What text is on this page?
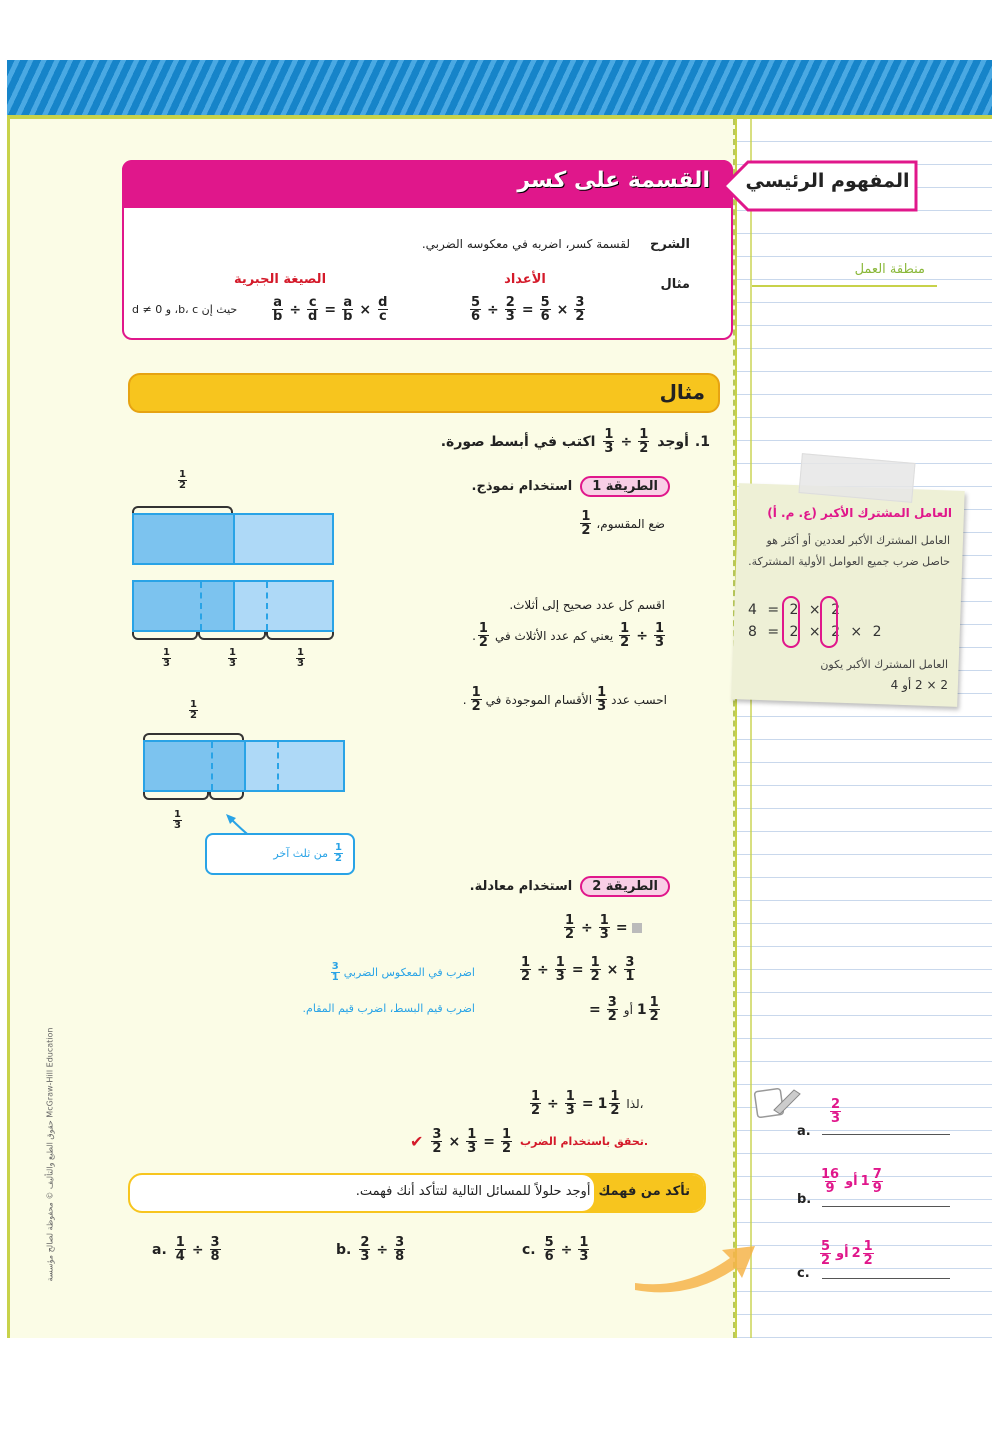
القسمة على كسر المفهوم الرئيسي
الشرح
لقسمة كسر، اضربه في معكوسه الضربي.
مثال
الأعداد
الصيغة الجبرية
$\frac{5}{6} \div \frac{2}{3} = \frac{5}{6} \times \frac{3}{2}$
$\frac{a}{b} \div \frac{c}{d} = \frac{a}{b} \times \frac{d}{c}$
حيث إن b، c، و d ≠ 0
مثال
1.
أوجد
$\frac{1}{2}$
÷
$\frac{1}{3}$
اكتب في أبسط صورة.
الطريقة 1
استخدام نموذج.
ضع المقسوم،
$\frac{1}{2}$
اقسم كل عدد صحيح إلى أثلاث.
$\frac{1}{3}$
÷
$\frac{1}{2}$
يعني كم عدد الأثلاث في
$\frac{1}{2}$
.
احسب عدد
$\frac{1}{3}$
الأقسام الموجودة في
$\frac{1}{2}$
.
$\frac{1}{2}$
$\frac{1}{3}$	$\frac{1}{3}$	$\frac{1}{3}$
$\frac{1}{2}$
$\frac{1}{3}$
$\frac{1}{2}$
من ثلث آخر
الطريقة 2
استخدام معادلة.
$\frac{1}{2} \div \frac{1}{3}$ =
$\frac{1}{2} \div \frac{1}{3} = \frac{1}{2} \times \frac{3}{1}$
= $\frac{3}{2}$ أو $1 \frac{1}{2}$
اضرب في المعكوس الضربي
$\frac{3}{1}$
اضرب قيم البسط، اضرب قيم المقام.
$\frac{1}{2} \div \frac{1}{3} = 1 \frac{1}{2}$ لذا،
✔ $\frac{3}{2} \times \frac{1}{3} = \frac{1}{2}$ تحقق باستخدام الضرب.
تأكد من فهمك
أوجد حلولاً للمسائل التالية لتتأكد أنك فهمت.
a. $\frac{1}{4} \div \frac{3}{8}$	b. $\frac{2}{3} \div \frac{3}{8}$	c. $\frac{5}{6} \div \frac{1}{3}$
حقوق الطبع والتأليف © محفوظة لصالح مؤسسة McGraw-Hill Education
منطقة العمل
العامل المشترك الأكبر (ع. م. أ)
العامل المشترك الأكبر لعددين أو أكثر هو حاصل ضرب جميع العوامل الأولية المشتركة.
4 = 2 × 2
8 = 2 × 2 × 2
العامل المشترك الأكبر يكون
2 × 2 أو 4
a.
$\frac{2}{3}$
b.
$\frac{16}{9}$ أو $1 \frac{7}{9}$
c.
$\frac{5}{2}$ أو $2 \frac{1}{2}$
